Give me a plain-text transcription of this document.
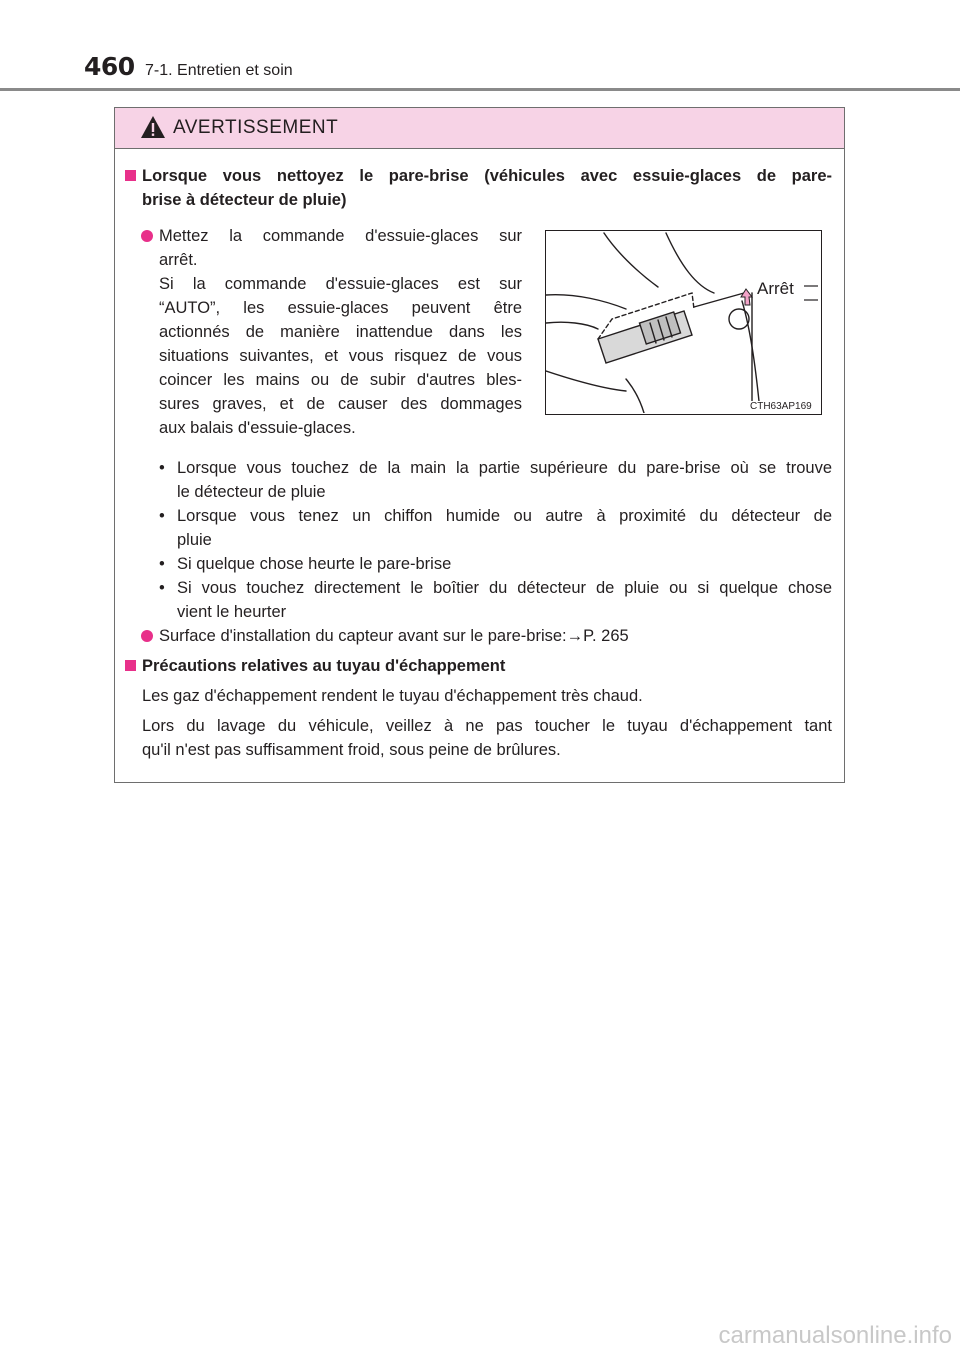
460 7-1. Entretien et soin
AVERTISSEMENT
Lorsque vous nettoyez le pare-brise (véhicules avec essuie-glaces de pare-
brise à détecteur de pluie)
Mettez la commande d'essuie-glaces sur
arrêt.
Si la commande d'essuie-glaces est sur
“AUTO”, les essuie-glaces peuvent être
actionnés de manière inattendue dans les
situations suivantes, et vous risquez de vous
coincer les mains ou de subir d'autres bles-
sures graves, et de causer des dommages
aux balais d'essuie-glaces.
Arrêt
CTH63AP169
• Lorsque vous touchez de la main la partie supérieure du pare-brise où se trouve
le détecteur de pluie
• Lorsque vous tenez un chiffon humide ou autre à proximité du détecteur de
pluie
• Si quelque chose heurte le pare-brise
• Si vous touchez directement le boîtier du détecteur de pluie ou si quelque chose
vient le heurter
Surface d'installation du capteur avant sur le pare-brise:→P. 265
Précautions relatives au tuyau d'échappement
Les gaz d'échappement rendent le tuyau d'échappement très chaud.
Lors du lavage du véhicule, veillez à ne pas toucher le tuyau d'échappement tant
qu'il n'est pas suffisamment froid, sous peine de brûlures.
carmanualsonline.info
